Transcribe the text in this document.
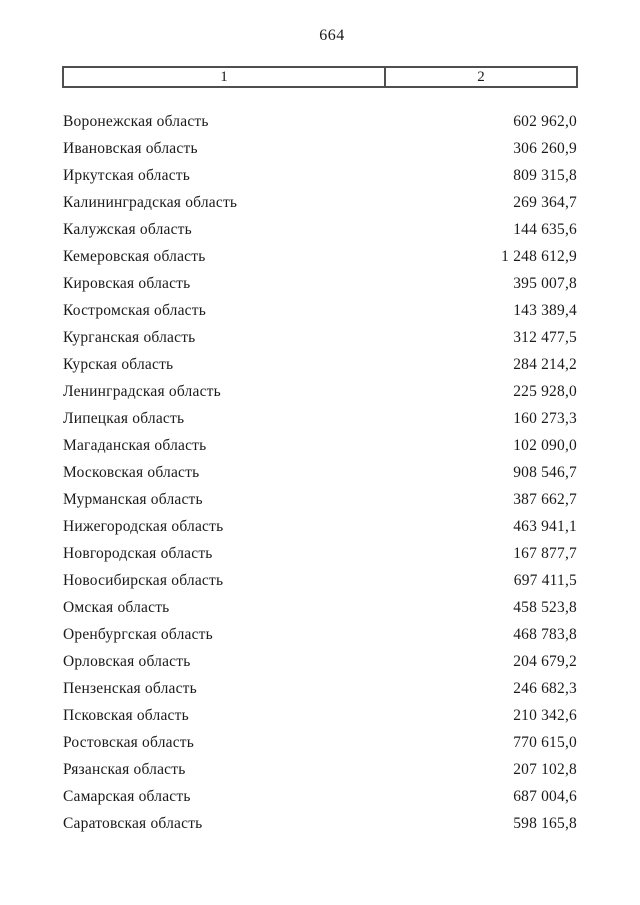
664
1	2
Воронежская область	602 962,0
Ивановская область	306 260,9
Иркутская область	809 315,8
Калининградская область	269 364,7
Калужская область	144 635,6
Кемеровская область	1 248 612,9
Кировская область	395 007,8
Костромская область	143 389,4
Курганская область	312 477,5
Курская область	284 214,2
Ленинградская область	225 928,0
Липецкая область	160 273,3
Магаданская область	102 090,0
Московская область	908 546,7
Мурманская область	387 662,7
Нижегородская область	463 941,1
Новгородская область	167 877,7
Новосибирская область	697 411,5
Омская область	458 523,8
Оренбургская область	468 783,8
Орловская область	204 679,2
Пензенская область	246 682,3
Псковская область	210 342,6
Ростовская область	770 615,0
Рязанская область	207 102,8
Самарская область	687 004,6
Саратовская область	598 165,8
